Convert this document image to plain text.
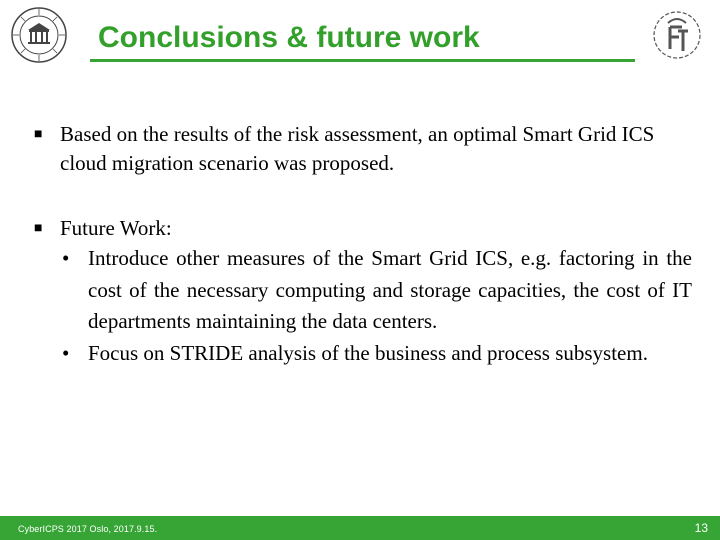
Conclusions & future work
■ Based on the results of the risk assessment, an optimal Smart Grid ICS cloud migration scenario was proposed.
■ Future Work:
• Introduce other measures of the Smart Grid ICS, e.g. factoring in the cost of the necessary computing and storage capacities, the cost of IT departments maintaining the data centers.
• Focus on STRIDE analysis of the business and process subsystem.
CyberICPS 2017 Oslo, 2017.9.15.	13
